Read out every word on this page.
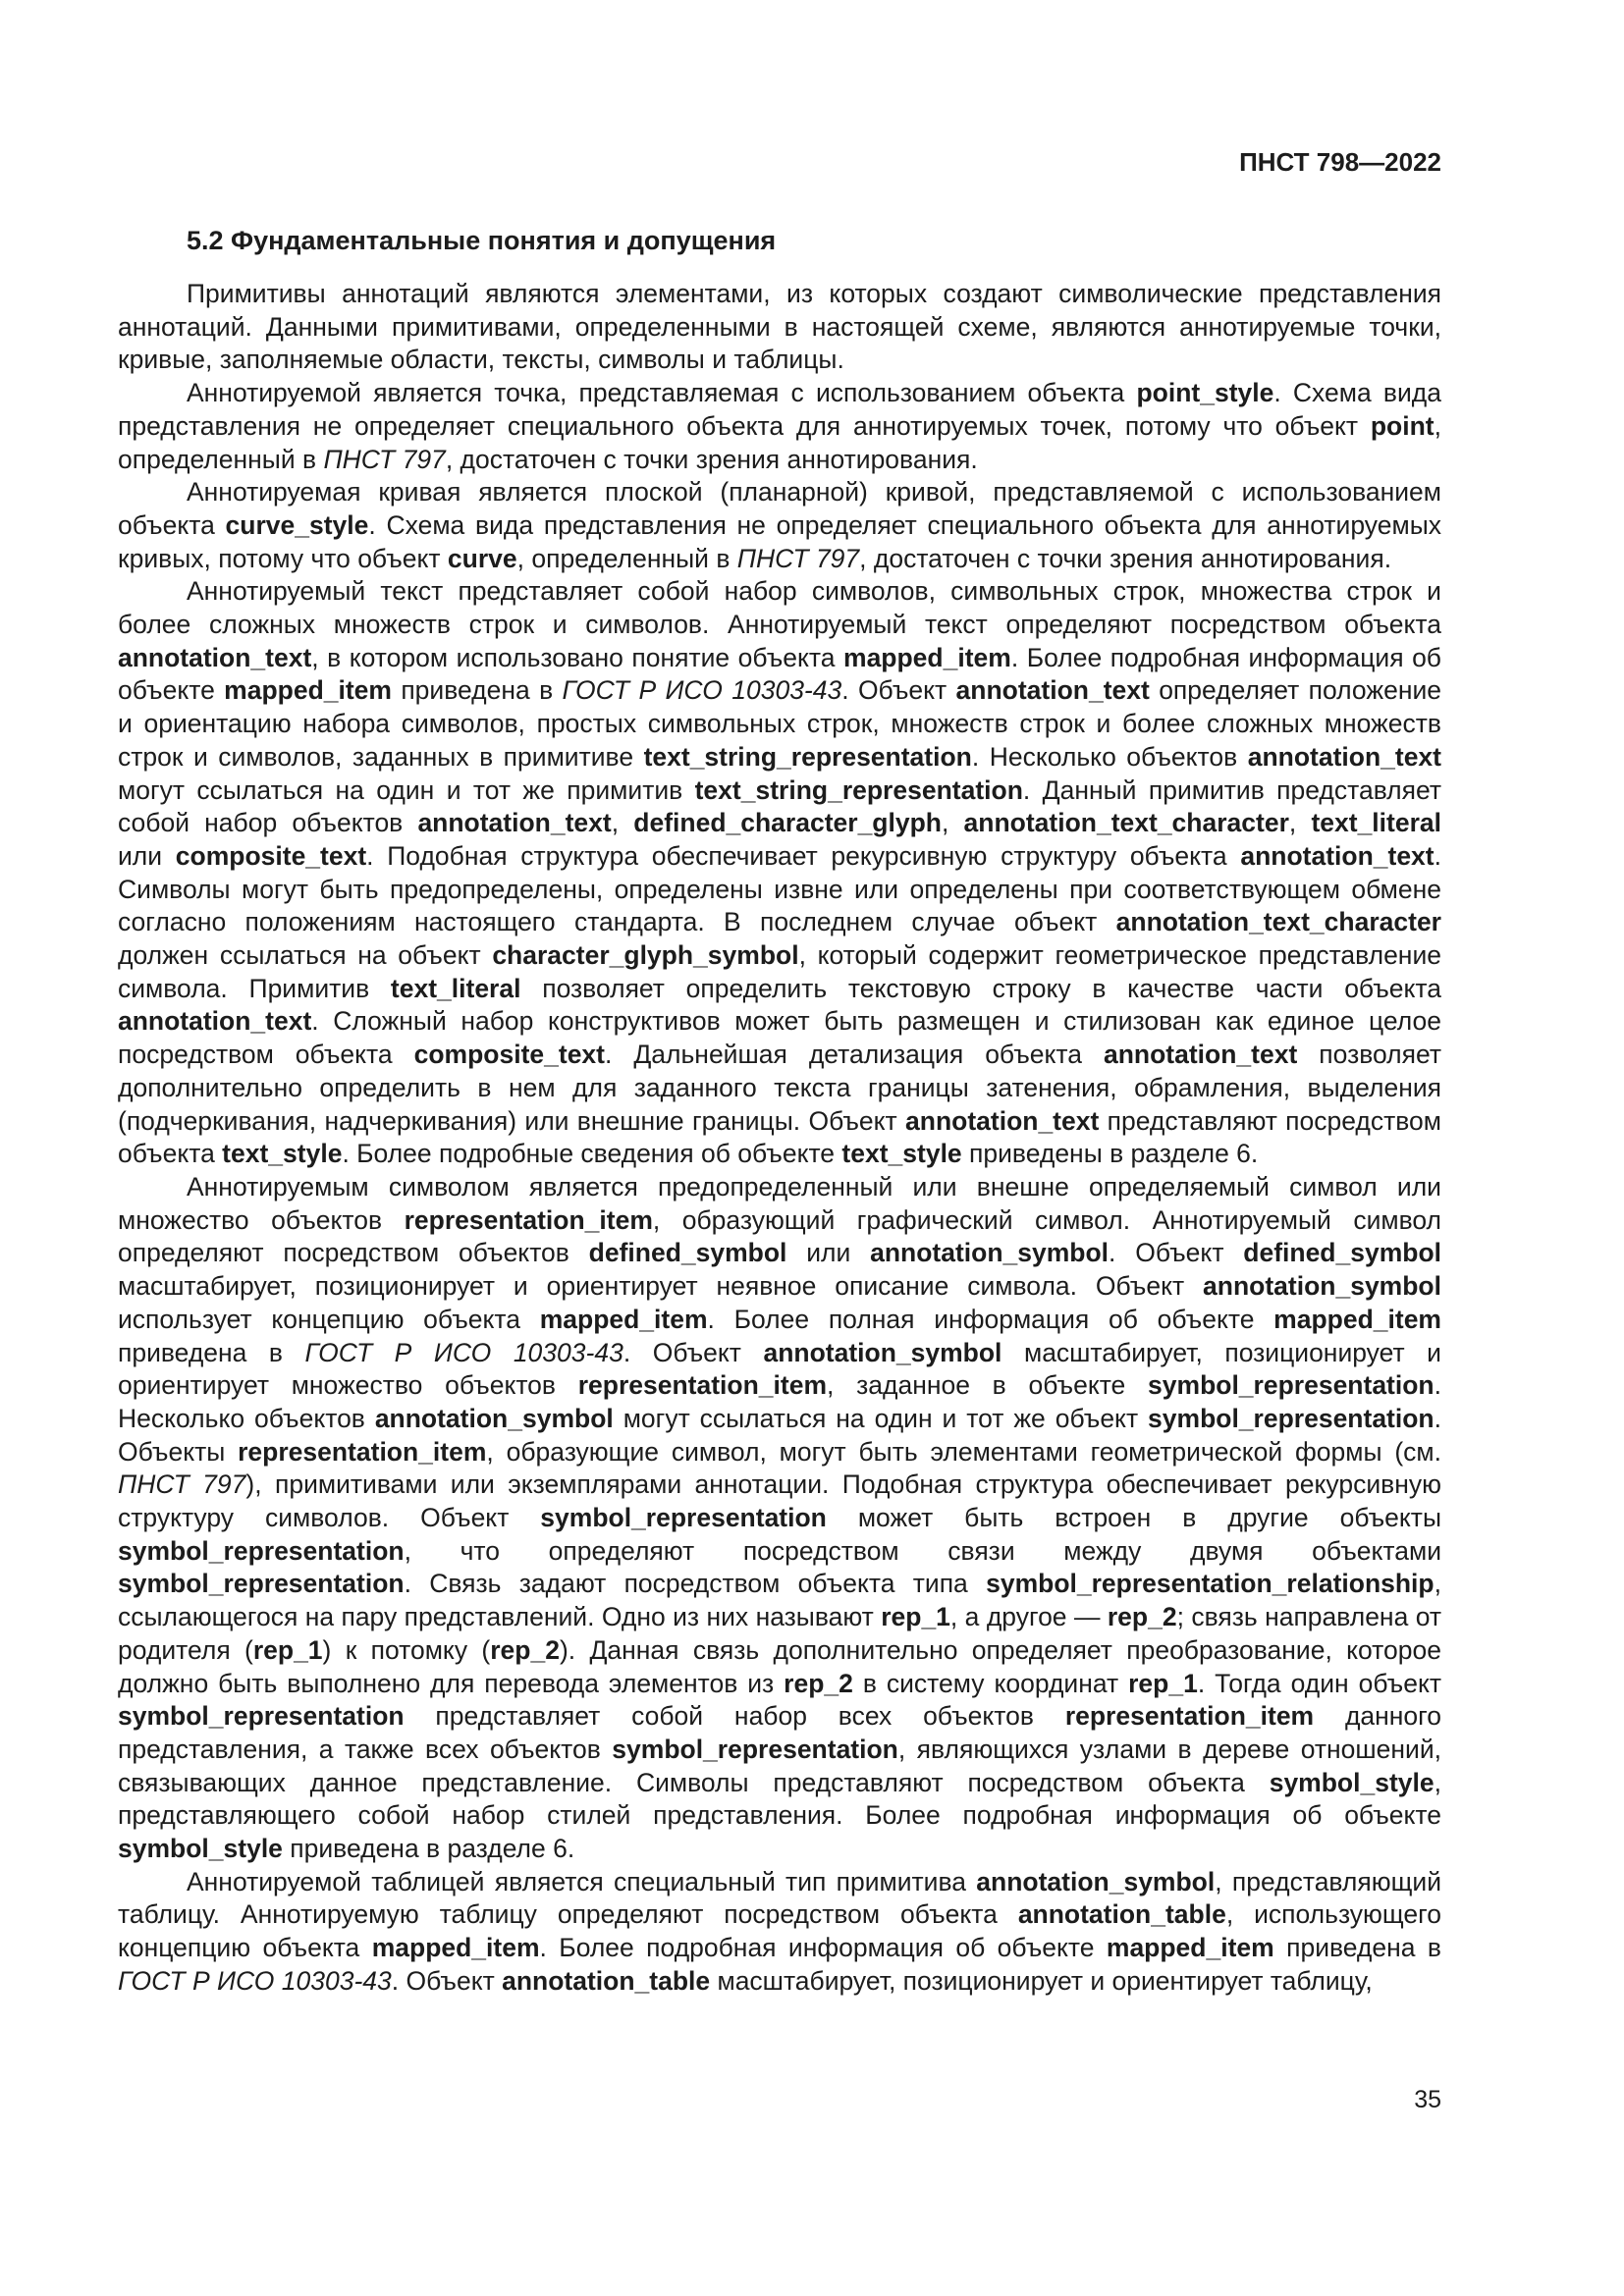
ПНСТ 798—2022
5.2 Фундаментальные понятия и допущения

Примитивы аннотаций являются элементами, из которых создают символические представления аннотаций. Данными примитивами, определенными в настоящей схеме, являются аннотируемые точки, кривые, заполняемые области, тексты, символы и таблицы.

Аннотируемой является точка, представляемая с использованием объекта point_style. Схема вида представления не определяет специального объекта для аннотируемых точек, потому что объект point, определенный в ПНСТ 797, достаточен с точки зрения аннотирования.

Аннотируемая кривая является плоской (планарной) кривой, представляемой с использованием объекта curve_style. Схема вида представления не определяет специального объекта для аннотируемых кривых, потому что объект curve, определенный в ПНСТ 797, достаточен с точки зрения аннотирования.

Аннотируемый текст представляет собой набор символов, символьных строк, множества строк и более сложных множеств строк и символов. Аннотируемый текст определяют посредством объекта annotation_text, в котором использовано понятие объекта mapped_item. Более подробная информация об объекте mapped_item приведена в ГОСТ Р ИСО 10303-43. Объект annotation_text определяет положение и ориентацию набора символов, простых символьных строк, множеств строк и более сложных множеств строк и символов, заданных в примитиве text_string_representation. Несколько объектов annotation_text могут ссылаться на один и тот же примитив text_string_representation. Данный примитив представляет собой набор объектов annotation_text, defined_character_glyph, annotation_text_character, text_literal или composite_text. Подобная структура обеспечивает рекурсивную структуру объекта annotation_text. Символы могут быть предопределены, определены извне или определены при соответствующем обмене согласно положениям настоящего стандарта. В последнем случае объект annotation_text_character должен ссылаться на объект character_glyph_symbol, который содержит геометрическое представление символа. Примитив text_literal позволяет определить текстовую строку в качестве части объекта annotation_text. Сложный набор конструктивов может быть размещен и стилизован как единое целое посредством объекта composite_text. Дальнейшая детализация объекта annotation_text позволяет дополнительно определить в нем для заданного текста границы затенения, обрамления, выделения (подчеркивания, надчеркивания) или внешние границы. Объект annotation_text представляют посредством объекта text_style. Более подробные сведения об объекте text_style приведены в разделе 6.

Аннотируемым символом является предопределенный или внешне определяемый символ или множество объектов representation_item, образующий графический символ. Аннотируемый символ определяют посредством объектов defined_symbol или annotation_symbol. Объект defined_symbol масштабирует, позиционирует и ориентирует неявное описание символа. Объект annotation_symbol использует концепцию объекта mapped_item. Более полная информация об объекте mapped_item приведена в ГОСТ Р ИСО 10303-43. Объект annotation_symbol масштабирует, позиционирует и ориентирует множество объектов representation_item, заданное в объекте symbol_representation. Несколько объектов annotation_symbol могут ссылаться на один и тот же объект symbol_representation. Объекты representation_item, образующие символ, могут быть элементами геометрической формы (см. ПНСТ 797), примитивами или экземплярами аннотации. Подобная структура обеспечивает рекурсивную структуру символов. Объект symbol_representation может быть встроен в другие объекты symbol_representation, что определяют посредством связи между двумя объектами symbol_representation. Связь задают посредством объекта типа symbol_representation_relationship, ссылающегося на пару представлений. Одно из них называют rep_1, а другое — rep_2; связь направлена от родителя (rep_1) к потомку (rep_2). Данная связь дополнительно определяет преобразование, которое должно быть выполнено для перевода элементов из rep_2 в систему координат rep_1. Тогда один объект symbol_representation представляет собой набор всех объектов representation_item данного представления, а также всех объектов symbol_representation, являющихся узлами в дереве отношений, связывающих данное представление. Символы представляют посредством объекта symbol_style, представляющего собой набор стилей представления. Более подробная информация об объекте symbol_style приведена в разделе 6.

Аннотируемой таблицей является специальный тип примитива annotation_symbol, представляющий таблицу. Аннотируемую таблицу определяют посредством объекта annotation_table, использующего концепцию объекта mapped_item. Более подробная информация об объекте mapped_item приведена в ГОСТ Р ИСО 10303-43. Объект annotation_table масштабирует, позиционирует и ориентирует таблицу,

35
